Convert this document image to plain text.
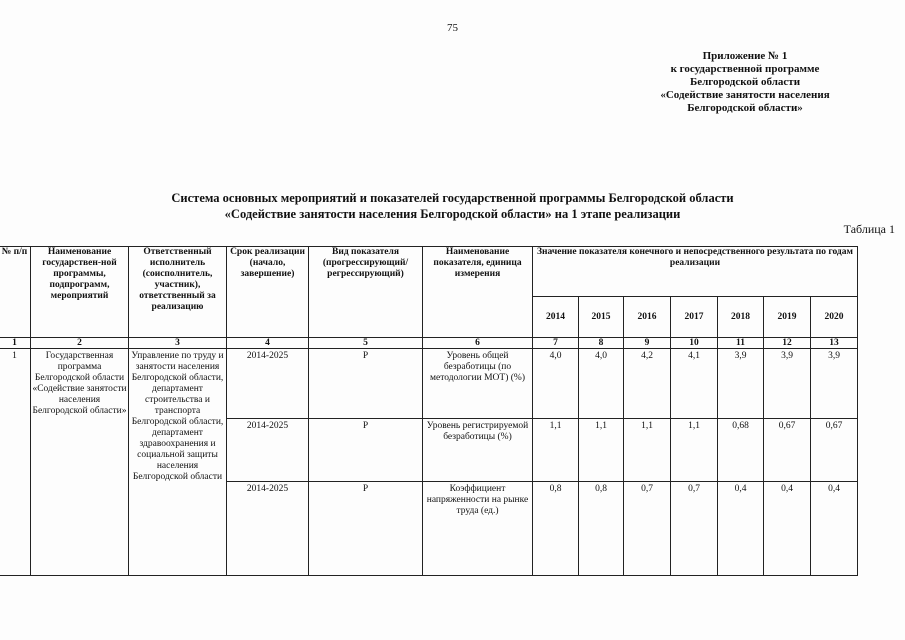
75
Приложение № 1
к государственной программе
Белгородской области
«Содействие занятости населения
Белгородской области»
Система основных мероприятий и показателей государственной программы Белгородской области
«Содействие занятости населения Белгородской области» на 1 этапе реализации
Таблица 1
№ п/п	Наименование государствен-ной программы, подпрограмм, мероприятий	Ответственный исполнитель (соисполнитель, участник), ответственный за реализацию	Срок реализации (начало, завершение)	Вид показателя (прогрессирующий/ регрессирующий)	Наименование показателя, единица измерения	Значение показателя конечного и непосредственного результата по годам реализации						
						2014	2015	2016	2017	2018	2019	2020
1	2	3	4	5	6	7	8	9	10	11	12	13
1	Государственная программа Белгородской области «Содействие занятости населения Белгородской области»	Управление по труду и занятости населения Белгородской области, департамент строительства и транспорта Белгородской области, департамент здравоохранения и социальной защиты населения Белгородской области	2014-2025	Р	Уровень общей безработицы (по методологии МОТ) (%)	4,0	4,0	4,2	4,1	3,9	3,9	3,9
			2014-2025	Р	Уровень регистрируемой безработицы (%)	1,1	1,1	1,1	1,1	0,68	0,67	0,67
			2014-2025	Р	Коэффициент напряженности на рынке труда (ед.)	0,8	0,8	0,7	0,7	0,4	0,4	0,4
